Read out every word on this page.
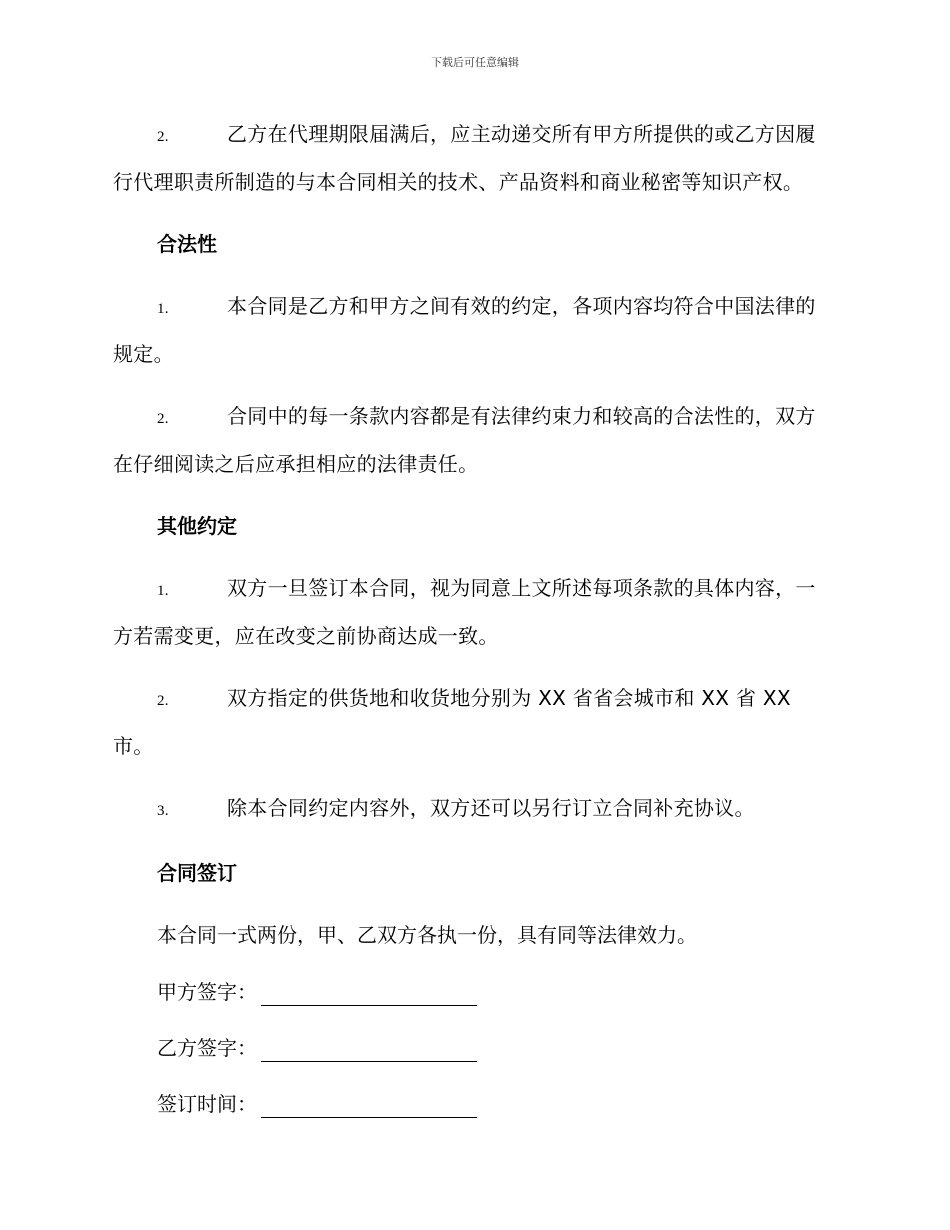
下载后可任意编辑

2.	乙方在代理期限届满后，应主动递交所有甲方所提供的或乙方因履行代理职责所制造的与本合同相关的技术、产品资料和商业秘密等知识产权。

合法性

1.	本合同是乙方和甲方之间有效的约定，各项内容均符合中国法律的规定。

2.	合同中的每一条款内容都是有法律约束力和较高的合法性的，双方在仔细阅读之后应承担相应的法律责任。

其他约定

1.	双方一旦签订本合同，视为同意上文所述每项条款的具体内容，一方若需变更，应在改变之前协商达成一致。

2.	双方指定的供货地和收货地分别为 XX 省省会城市和 XX 省 XX 市。

3.	除本合同约定内容外，双方还可以另行订立合同补充协议。

合同签订
本合同一式两份，甲、乙双方各执一份，具有同等法律效力。
甲方签字：
乙方签字：
签订时间：
